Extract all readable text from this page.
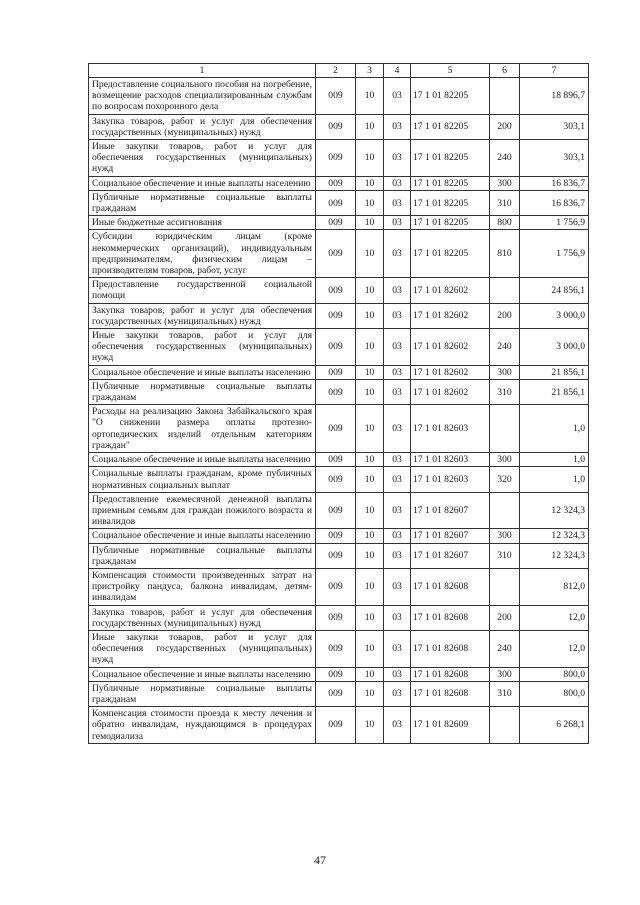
1	2	3	4	5	6	7
Предоставление социального пособия на погребение, возмещение расходов специализированным службам по вопросам похоронного дела	009	10	03	17 1 01 82205		18 896,7
Закупка товаров, работ и услуг для обеспечения государственных (муниципальных) нужд	009	10	03	17 1 01 82205	200	303,1
Иные закупки товаров, работ и услуг для обеспечения государственных (муниципальных) нужд	009	10	03	17 1 01 82205	240	303,1
Социальное обеспечение и иные выплаты населению	009	10	03	17 1 01 82205	300	16 836,7
Публичные нормативные социальные выплаты гражданам	009	10	03	17 1 01 82205	310	16 836,7
Иные бюджетные ассигнования	009	10	03	17 1 01 82205	800	1 756,9
Субсидии юридическим лицам (кроме некоммерческих организаций), индивидуальным предпринимателям, физическим лицам – производителям товаров, работ, услуг	009	10	03	17 1 01 82205	810	1 756,9
Предоставление государственной социальной помощи	009	10	03	17 1 01 82602		24 856,1
Закупка товаров, работ и услуг для обеспечения государственных (муниципальных) нужд	009	10	03	17 1 01 82602	200	3 000,0
Иные закупки товаров, работ и услуг для обеспечения государственных (муниципальных) нужд	009	10	03	17 1 01 82602	240	3 000,0
Социальное обеспечение и иные выплаты населению	009	10	03	17 1 01 82602	300	21 856,1
Публичные нормативные социальные выплаты гражданам	009	10	03	17 1 01 82602	310	21 856,1
Расходы на реализацию Закона Забайкальского края "О снижении размера оплаты протезно-ортопедических изделий отдельным категориям граждан"	009	10	03	17 1 01 82603		1,0
Социальное обеспечение и иные выплаты населению	009	10	03	17 1 01 82603	300	1,0
Социальные выплаты гражданам, кроме публичных нормативных социальных выплат	009	10	03	17 1 01 82603	320	1,0
Предоставление ежемесячной денежной выплаты приемным семьям для граждан пожилого возраста и инвалидов	009	10	03	17 1 01 82607		12 324,3
Социальное обеспечение и иные выплаты населению	009	10	03	17 1 01 82607	300	12 324,3
Публичные нормативные социальные выплаты гражданам	009	10	03	17 1 01 82607	310	12 324,3
Компенсация стоимости произведенных затрат на пристройку пандуса, балкона инвалидам, детям-инвалидам	009	10	03	17 1 01 82608		812,0
Закупка товаров, работ и услуг для обеспечения государственных (муниципальных) нужд	009	10	03	17 1 01 82608	200	12,0
Иные закупки товаров, работ и услуг для обеспечения государственных (муниципальных) нужд	009	10	03	17 1 01 82608	240	12,0
Социальное обеспечение и иные выплаты населению	009	10	03	17 1 01 82608	300	800,0
Публичные нормативные социальные выплаты гражданам	009	10	03	17 1 01 82608	310	800,0
Компенсация стоимости проезда к месту лечения и обратно инвалидам, нуждающимся в процедурах гемодиализа	009	10	03	17 1 01 82609		6 268,1
47
